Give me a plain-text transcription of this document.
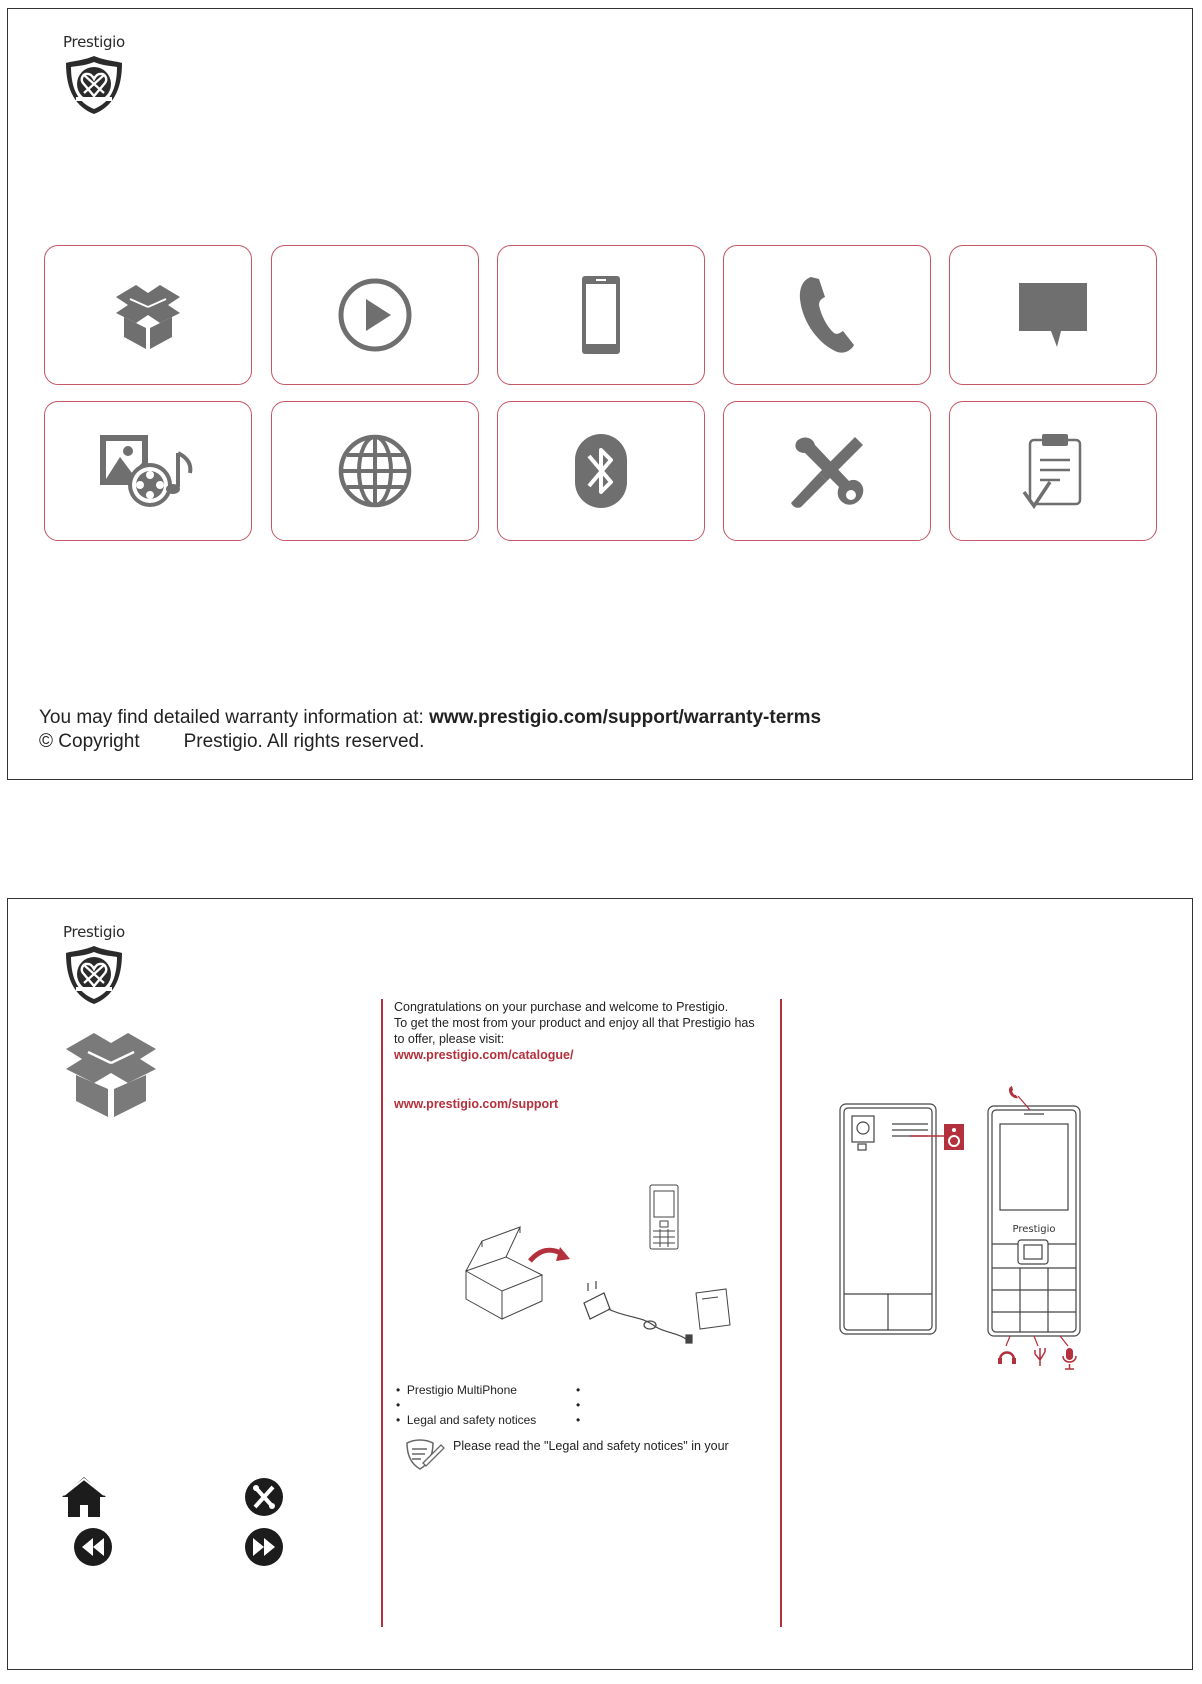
Prestigio
You may find detailed warranty information at: www.prestigio.com/support/warranty-terms
© Copyright Prestigio. All rights reserved.
Prestigio
Congratulations on your purchase and welcome to Prestigio.
To get the most from your product and enjoy all that Prestigio has
to offer, please visit:
www.prestigio.com/catalogue/
www.prestigio.com/support
•  Prestigio MultiPhone
•
•  Legal and safety notices
•
•
•
Please read the "Legal and safety notices" in your
Prestigio
